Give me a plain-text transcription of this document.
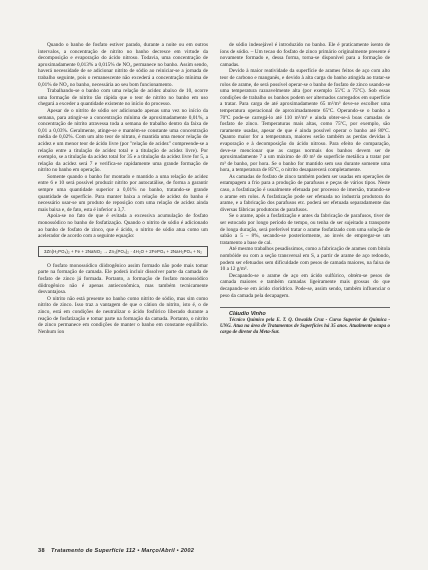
Quando o banho de fosfato estiver parado, durante a noite ou em outros intervalos, a concentração de nitrito no banho decresce em virtude da decomposição e evaporação do ácido nitroso. Todavia, uma concentração de aproximadamente 0,013% a 0,015% de NO₂ permanece no banho. Assim sendo, haverá necessidade de se adicionar nitrito de sódio ao reiniciar-se a jornada de trabalho seguinte, pois o remanescente não excederá a concentração mínima de 0,01% de NO₂ no banho, necessária ao seu bom funcionamento.

Trabalhando-se o banho com uma relação de acidez abaixo de 10, ocorre uma formação de nitrito tão rápida que o teor de nitrito no banho em uso chegará a exceder a quantidade existente no início do processo.

Apesar de o nitrito de sódio ser adicionado apenas uma vez no início da semana, para atingir-se a concentração mínima de aproximadamente 0,01%, a concentração de nitrito atravessa toda a semana de trabalho dentro da faixa de 0,01 a 0,03%. Geralmente, atinge-se e mantém-se constante uma concentração média de 0,02%. Com um alto teor de nitrato, é mantida uma menor relação de acidez e um menor teor de ácido livre (por "relação de acidez" compreende-se a relação entre a titulação de acidez total e a titulação de acidez livre). Por exemplo, se a titulação da acidez total for 35 e a titulação da acidez livre for 5, a relação da acidez será 7 e verifica-se rapidamente uma grande formação de nitrito no banho em operação.

Somente quando o banho for montado e mantido a uma relação de acidez entre 6 e 10 será possível produzir nitrito por autocatálise, de forma a garantir sempre uma quantidade superior a 0,01% no banho, tratando-se grande quantidade de superfície. Para manter baixa a relação de acidez do banho é necessário usar-se um produto de reposição com uma relação de acidez ainda mais baixa e, de fato, esta é inferior a 3,7.

Apoia-se no fato de que é evitada a excessiva acumulação de fosfato monossódico no banho de fosfatização. Quando o nitrito de sódio é adicionado ao banho de fosfato de zinco, que é ácido, o nitrito de sódio atua como um acelerador de acordo com a seguinte equação:

3Zn(H₂PO₄)₂ + Fe + 2NaNO₂ → Zn₃(PO₄)₂ · 4H₂O + 2FePO₄ + 2NaH₂PO₄ + N₂

O fosfato monossódico diidrogênico assim formado não pode mais tomar parte na formação de camada. Ele poderá incluir dissolver parte da camada de fosfato de zinco já formada. Portanto, a formação de fosfato monossódico diidrogênico não é apenas antieconômica, mas também tecnicamente desvantajosa.

O nitrito não está presente no banho como nitrito de sódio, mas sim como nitrito de zinco. Isso traz a vantagem de que o cátion do nitrito, isto é, o de zinco, está em condições de neutralizar o ácido fosfórico liberado durante a reação de fosfatização e tomar parte na formação da camada. Portanto, o nitrito de zinco permanece em condições de manter o banho em constante equilíbrio. Nenhum íon

de sódio indesejável é introduzido no banho. Ele é praticamente isento de íons de sódio. – Um tecao do fosfato de zinco primário originalmente presente é novamente formado e, dessa forma, torna-se disponível para a formação de camadas.

Devido à maior reatividade da superfície de arames feitos de aço com alto teor de carbono e manganês, e devido à alta carga do banho atingida ao tratar-se rolos de arame, de será possível operar-se o banho de fosfato de zinco usando-se uma temperatura razoavelmente alta (por exemplo 55ºC a 75ºC). Sob essas condições de trabalho os banhos podem ser alternados carregados em superfície a tratar. Para carga de até aproximadamente 65 m²/m³ deve-se escolher uma temperatura operacional de aproximadamente 65ºC. Operando-se o banho a 70ºC pode-se carregá-lo até 110 m²/m³ e ainda obter-se-á boas camadas de fosfato de zinco. Temperaturas mais altas, como 75ºC, por exemplo, são raramente usadas, apesar de que é ainda possível operar o banho até 80ºC. Quanto maior for a temperatura, maiores serão também as perdas devidas à evaporação e à decomposição do ácido nitroso. Para efeito de comparação, deve-se mencionar que as cargas normais dos banhos devem ser de aproximadamente 7 a um máximo de 40 m² de superfície metálica a tratar por m³ de banho, por hora. Se o banho for mantido sem uso durante somente uma hora, a temperatura de 85ºC, o nitrito desaparecerá completamente.

As camadas de fosfato de zinco também podem ser usadas em operações de estampagem a frio para a produção de parafusos e peças de vários tipos. Neste caso, a fosfatização é usualmente efetuada por processo de imersão, tratando-se o arame em rolos. A fosfatização pode ser efetuada no industria produtora do arame, e a fabricação dos parafusos etc. poderá ser efetuada separadamente das diversas fábricas produtoras de parafusos.

Se o arame, após a fosfatização e antes da fabricação de parafusos, tiver de ser estocado por longo período de tempo, ou tenha de ser sujeitado a transporte de longa duração, será preferível tratar o arame fosfatizado com uma solução de sabão a 5 – 8%, secando-se posteriormente, ao invés de empregar-se um tratamento a base de cal.

Até mesmo trabalhos pesadíssimos, como a fabricação de arames com bitola nombóide ou com a seção transversal em S, a partir de arame de aço redondo, podem ser efetuados sem dificuldade com pesos de camada maiores, na faixa de 10 a 12 g/m².

Decapando-se o arame de aço em ácido sulfúrico, obtém-se pesos de camada maiores e também camadas ligeiramente mais grossas do que decapando-se em ácido clorídrico. Pode-se, assim sendo, também influenciar o peso da camada pela decapagem.

Cláudio Vinho

Técnico Químico pela E. T. Q. Oswaldo Cruz - Curso Superior de Química - UNG. Atua na área de Tratamentos de Superfícies há 35 anos. Atualmente ocupa o cargo de diretor da Meta-Sur.

38 Tratamento de Superfície 112 • Março/Abril • 2002
